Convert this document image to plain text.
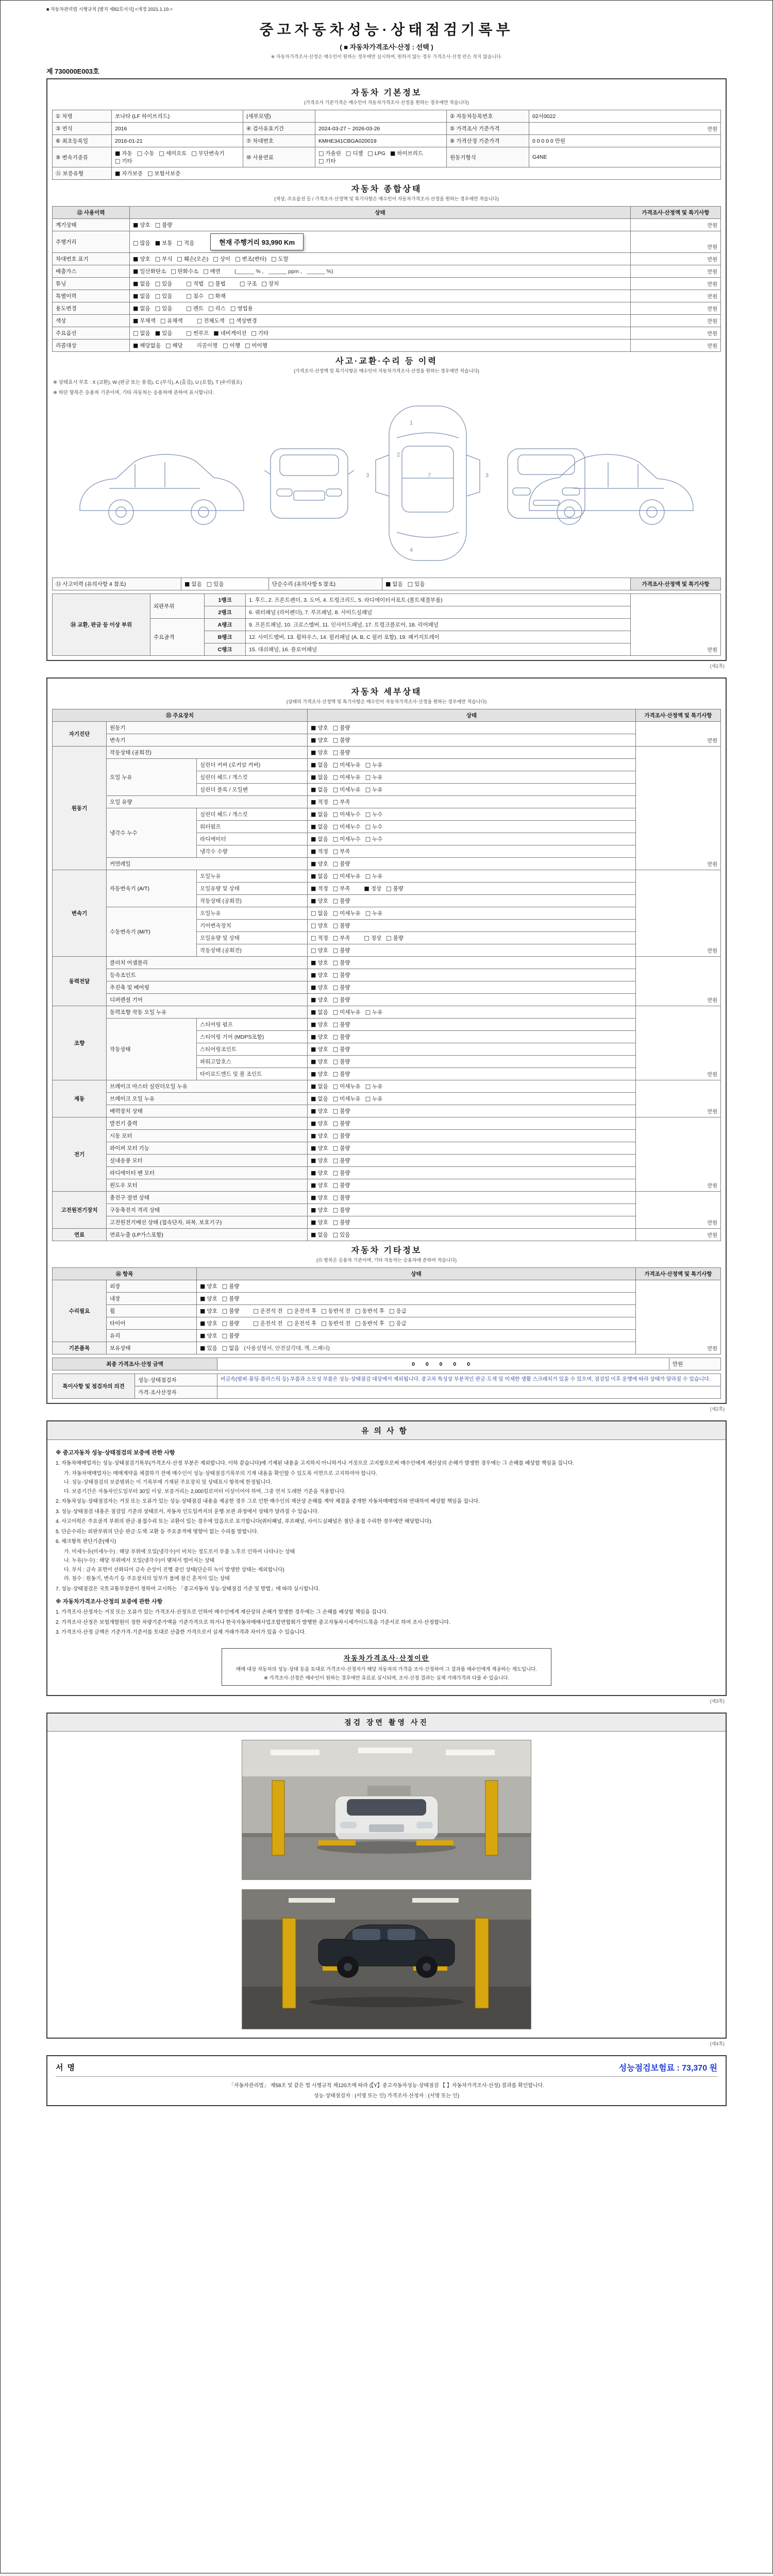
■ 자동차관리법 시행규칙 [별지 제82호서식] <개정 2021.1.19.>
중고자동차성능·상태점검기록부
( ■ 자동차가격조사·산정 : 선택 )
※ 자동차가격조사·산정은 매수인이 원하는 경우에만 실시하며, 원하지 않는 경우 가격조사·산정 란은 적지 않습니다.
제 730000E003호
자동차 기본정보
(가격조사 기준가격은 매수인이 자동차가격조사·산정을 원하는 경우에만 적습니다)
① 차명	쏘나타 (LF 하이브리드)	(세부모델)		② 자동차등록번호	02서0022
③ 연식	2016	④ 검사유효기간	2024-03-27 ~ 2026-03-26	⑤ 가격조사 기준가격	만원
⑥ 최초등록일	2016-01-21	⑦ 차대번호	KMHE341CBGA020019	⑧ 가격산정 기준가격	0 0 0 0 0 만원
⑨ 변속기종류	■ 자동 □ 수동 □ 세미오토 □ 무단변속기□ 기타	⑩ 사용연료	□ 가솔린 □ 디젤 □ LPG ■ 하이브리드□ 기타	원동기형식	G4NE
⑪ 보증유형	■ 자가보증 □ 보험사보증				
자동차 종합상태
(색상, 주요옵션 등 / 가격조사·산정액 및 특기사항은 매수인이 자동차가격조사·산정을 원하는 경우에만 적습니다)
⑫ 사용이력	상태	가격조사·산정액 및 특기사항
계기상태	■ 양호 □ 불량	만원
주행거리	□ 많음 ■ 보통 □ 적음 현재 주행거리 93,990 Km	만원
차대번호 표기	■ 양호 □ 부식 □ 훼손(오손) □ 상이 □ 변조(변타) □ 도말	만원
배출가스	■ 일산화탄소 □ 탄화수소 □ 매연 (______ % , ______ ppm , ______ %)	만원
튜닝	■ 없음 □ 있음 □ 적법 □ 불법 □ 구조 □ 장치	만원
특별이력	■ 없음 □ 있음 □ 침수 □ 화재	만원
용도변경	■ 없음 □ 있음 □ 렌트 □ 리스 □ 영업용	만원
색상	■ 무채색 □ 유채색 □ 전체도색 □ 색상변경	만원
주요옵션	□ 없음 ■ 있음 □ 썬루프 ■ 네비게이션 □ 기타	만원
리콜대상	■ 해당없음 □ 해당 리콜이행 □ 이행 □ 미이행	만원
사고·교환·수리 등 이력
(가격조사·산정액 및 특기사항은 매수인이 자동차가격조사·산정을 원하는 경우에만 적습니다)
※ 상태표시 부호 : X (교환), W (판금 또는 용접), C (부식), A (흠집), U (요철), T (수리필요)
※ 하단 항목은 승용차 기준이며, 기타 자동차는 승용차에 준하여 표시합니다.
1
7
4
3	3
2
⑬ 사고이력 (유의사항 4 참조)	■ 없음 □ 있음	단순수리 (유의사항 5 참조)	■ 없음 □ 있음	가격조사·산정액 및 특기사항
⑭ 교환, 판금 등 이상 부위	외판부위	1랭크	1. 후드, 2. 프론트펜더, 3. 도어, 4. 트렁크리드, 5. 라디에이터서포트 (볼트체결부품)	만원
		2랭크	6. 쿼터패널 (리어펜더), 7. 루프패널, 8. 사이드실패널	
	주요골격	A랭크	9. 프론트패널, 10. 크로스멤버, 11. 인사이드패널, 17. 트렁크플로어, 18. 리어패널	
		B랭크	12. 사이드멤버, 13. 휠하우스, 14. 필러패널 (A, B, C 필러 포함), 19. 패키지트레이	
		C랭크	15. 대쉬패널, 16. 플로어패널	
(제1쪽)
자동차 세부상태
(상태의 가격조사·산정액 및 특기사항은 매수인이 자동차가격조사·산정을 원하는 경우에만 적습니다)
⑮ 주요장치			상태	가격조사·산정액 및 특기사항
자기진단	원동기		■ 양호 □ 불량	만원
	변속기		■ 양호 □ 불량	
원동기	작동상태 (공회전)		■ 양호 □ 불량	만원
	오일 누유	실린더 커버 (로커암 커버)	■ 없음 □ 미세누유 □ 누유	
		실린더 헤드 / 개스킷	■ 없음 □ 미세누유 □ 누유	
		실린더 블록 / 오일팬	■ 없음 □ 미세누유 □ 누유	
	오일 유량		■ 적정 □ 부족	
	냉각수 누수	실린더 헤드 / 개스킷	■ 없음 □ 미세누수 □ 누수	
		워터펌프	■ 없음 □ 미세누수 □ 누수	
		라디에이터	■ 없음 □ 미세누수 □ 누수	
		냉각수 수량	■ 적정 □ 부족	
	커먼레일		■ 양호 □ 불량	
변속기	자동변속기 (A/T)	오일누유	■ 없음 □ 미세누유 □ 누유	만원
		오일유량 및 상태	■ 적정 □ 부족 ■ 정상 □ 불량	
		작동상태 (공회전)	■ 양호 □ 불량	
	수동변속기 (M/T)	오일누유	□ 없음 □ 미세누유 □ 누유	
		기어변속장치	□ 양호 □ 불량	
		오일유량 및 상태	□ 적정 □ 부족 □ 정상 □ 불량	
		작동상태 (공회전)	□ 양호 □ 불량	
동력전달	클러치 어셈블리		■ 양호 □ 불량	만원
	등속조인트		■ 양호 □ 불량	
	추진축 및 베어링		■ 양호 □ 불량	
	디퍼렌셜 기어		■ 양호 □ 불량	
조향	동력조향 작동 오일 누유		■ 없음 □ 미세누유 □ 누유	만원
	작동상태	스티어링 펌프	■ 양호 □ 불량	
		스티어링 기어 (MDPS포함)	■ 양호 □ 불량	
		스티어링조인트	■ 양호 □ 불량	
		파워고압호스	■ 양호 □ 불량	
		타이로드엔드 및 볼 조인트	■ 양호 □ 불량	
제동	브레이크 마스터 실린더오일 누유		■ 없음 □ 미세누유 □ 누유	만원
	브레이크 오일 누유		■ 없음 □ 미세누유 □ 누유	
	배력장치 상태		■ 양호 □ 불량	
전기	발전기 출력		■ 양호 □ 불량	만원
	시동 모터		■ 양호 □ 불량	
	와이퍼 모터 기능		■ 양호 □ 불량	
	실내송풍 모터		■ 양호 □ 불량	
	라디에이터 팬 모터		■ 양호 □ 불량	
	윈도우 모터		■ 양호 □ 불량	
고전원전기장치	충전구 절연 상태		■ 양호 □ 불량	만원
	구동축전지 격리 상태		■ 양호 □ 불량	
	고전원전기배선 상태 (접속단자, 피복, 보호기구)		■ 양호 □ 불량	
연료	연료누출 (LP가스포함)		■ 없음 □ 있음	만원
자동차 기타정보
(⑮ 항목은 승용차 기준이며, 기타 자동차는 승용차에 준하여 적습니다)
⑯ 항목		상태	가격조사·산정액 및 특기사항
수리필요	외장	■ 양호 □ 불량	만원
	내장	■ 양호 □ 불량	
	휠	■ 양호 □ 불량 □ 운전석 전 □ 운전석 후 □ 동반석 전 □ 동반석 후 □ 응급	
	타이어	■ 양호 □ 불량 □ 운전석 전 □ 운전석 후 □ 동반석 전 □ 동반석 후 □ 응급	
	유리	■ 양호 □ 불량	
기본품목	보유상태	■ 있음 □ 없음 (사용설명서, 안전삼각대, 잭, 스패너)	
최종 가격조사·산정 금액	0 0 0 0 0	만원
특이사항 및 점검자의 의견	성능·상태점검자	비금속(범퍼·몰딩·플라스틱 등) 부품과 소모성 부품은 성능·상태점검 대상에서 제외됩니다. 중고차 특성상 부분적인 판금·도색 및 미세한 생활 스크래치가 있을 수 있으며, 점검일 이후 운행에 따라 상태가 달라질 수 있습니다.
	가격·조사산정자	
(제2쪽)
유의사항
※ 중고자동차 성능·상태점검의 보증에 관한 사항
1. 자동차매매업자는 성능·상태점검기록부(가격조사·산정 부분은 제외합니다. 이하 같습니다)에 기재된 내용을 고지하지 아니하거나 거짓으로 고지함으로써 매수인에게 재산상의 손해가 발생한 경우에는 그 손해를 배상할 책임을 집니다.
가. 자동차매매업자는 매매계약을 체결하기 전에 매수인이 성능·상태점검기록부의 기재 내용을 확인할 수 있도록 서면으로 고지하여야 합니다.
나. 성능·상태점검의 보증범위는 이 기록부에 기재된 주요장치 및 상태표시 항목에 한정됩니다.
다. 보증기간은 자동차인도일부터 30일 이상, 보증거리는 2,000킬로미터 이상이어야 하며, 그중 먼저 도래한 기준을 적용합니다.
2. 자동차성능·상태점검자는 거짓 또는 오류가 있는 성능·상태점검 내용을 제공한 경우 그로 인한 매수인의 재산상 손해를 계약 체결을 중개한 자동차매매업자와 연대하여 배상할 책임을 집니다.
3. 성능·상태점검 내용은 점검일 기준의 상태로서, 자동차 인도일까지의 운행·보관 과정에서 상태가 달라질 수 있습니다.
4. 사고이력은 주요골격 부위의 판금·용접수리 또는 교환이 있는 경우에 있음으로 표기합니다(쿼터패널, 루프패널, 사이드실패널은 절단·용접 수리한 경우에만 해당합니다).
5. 단순수리는 외판부위의 단순 판금·도색·교환 등 주요골격에 영향이 없는 수리를 말합니다.
6. 체크항목 판단기준(예시)
가. 미세누유(미세누수) : 해당 부위에 오일(냉각수)이 비치는 정도로서 부품 노후로 인하여 나타나는 상태
나. 누유(누수) : 해당 부위에서 오일(냉각수)이 맺혀서 떨어지는 상태
다. 부식 : 금속 표면이 산화되어 금속 손상이 진행 중인 상태(단순히 녹이 발생한 상태는 제외합니다)
라. 침수 : 원동기, 변속기 등 주요장치의 일부가 물에 잠긴 흔적이 있는 상태
7. 성능·상태점검은 국토교통부장관이 정하여 고시하는 「중고자동차 성능·상태점검 기준 및 방법」에 따라 실시합니다.
※ 자동차가격조사·산정의 보증에 관한 사항
1. 가격조사·산정자는 거짓 또는 오류가 있는 가격조사·산정으로 인하여 매수인에게 재산상의 손해가 발생한 경우에는 그 손해를 배상할 책임을 집니다.
2. 가격조사·산정은 보험개발원이 정한 차량기준가액을 기준가격으로 하거나 한국자동차매매사업조합연합회가 발행한 중고자동차시세가이드북을 기준서로 하여 조사·산정합니다.
3. 가격조사·산정 금액은 기준가격·기준서를 토대로 산출한 가격으로서 실제 거래가격과 차이가 있을 수 있습니다.
자동차가격조사·산정이란
매매 대상 자동차의 성능·상태 등을 토대로 가격조사·산정자가 해당 자동차의 가격을 조사·산정하여 그 결과를 매수인에게 제공하는 제도입니다.
※ 가격조사·산정은 매수인이 원하는 경우에만 유료로 실시되며, 조사·산정 결과는 실제 거래가격과 다를 수 있습니다.
(제3쪽)
점검 장면 촬영 사진
(제4쪽)
서명	성능점검보험료 : 73,370 원
「자동차관리법」 제58조 및 같은 법 시행규칙 제120조에 따라 (【Y】중고자동차성능·상태점검 【 】자동차가격조사·산정) 결과를 확인합니다.
성능·상태점검자 : (서명 또는 인) 가격조사·산정자 : (서명 또는 인)
